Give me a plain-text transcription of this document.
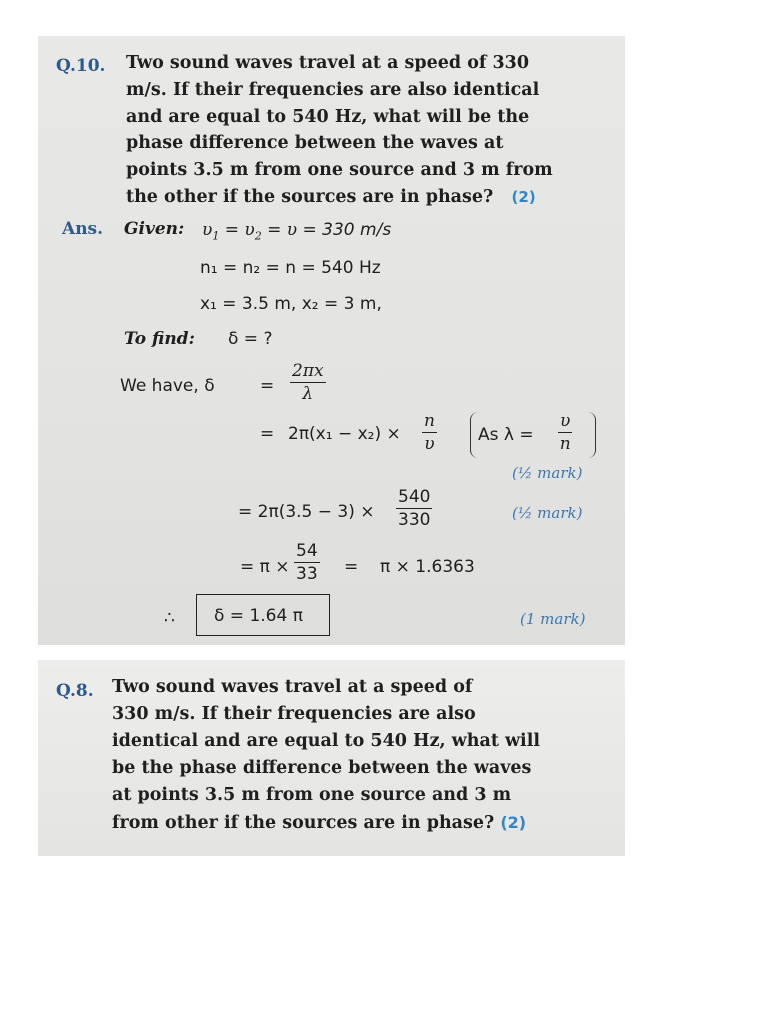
Q.10. Two sound waves travel at a speed of 330
m/s. If their frequencies are also identical
and are equal to 540 Hz, what will be the
phase difference between the waves at
points 3.5 m from one source and 3 m from
the other if the sources are in phase? (2)
Ans. Given: $\upsilon_1 = \upsilon_2 = \upsilon = 330$ m/s
n₁ = n₂ = n = 540 Hz
x₁ = 3.5 m, x₂ = 3 m,
To find: δ = ?
We have, δ	= $\frac{2\pi x}{\lambda}$
= $2\pi(x_1 - x_2) \times \frac{n}{\upsilon}$ As $\lambda = \frac{\upsilon}{n}$
(½ mark)
= $2\pi(3.5 - 3) \times \frac{540}{330}$	(½ mark)
= $\pi \times \frac{54}{33} = \pi \times 1.6363$
∴ δ = 1.64 π	(1 mark)
Q.8. Two sound waves travel at a speed of
330 m/s. If their frequencies are also
identical and are equal to 540 Hz, what will
be the phase difference between the waves
at points 3.5 m from one source and 3 m
from other if the sources are in phase? (2)
